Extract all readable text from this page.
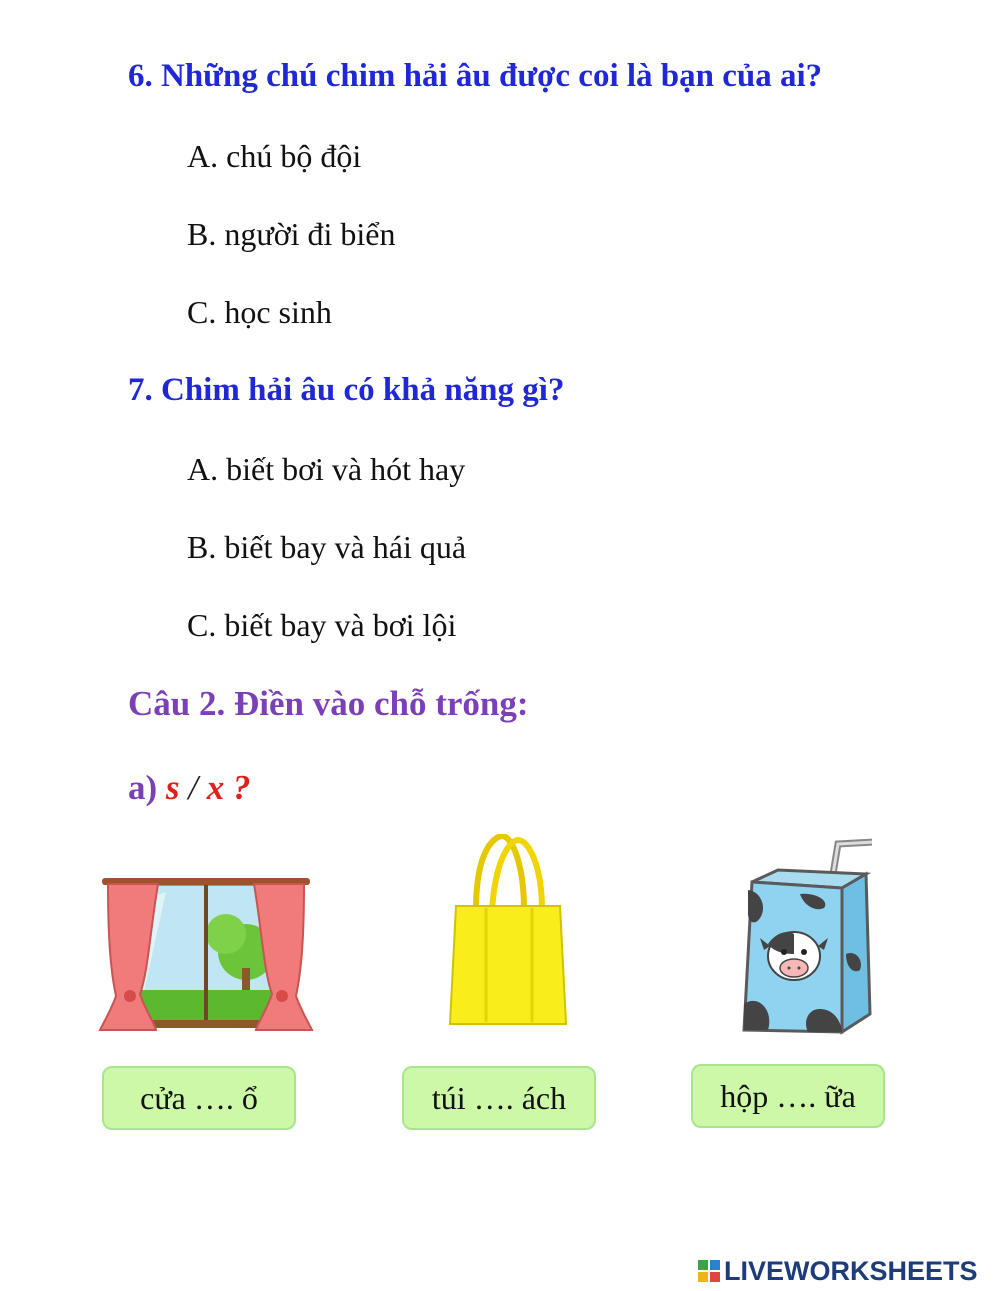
6. Những chú chim hải âu được coi là bạn của ai?

A. chú bộ đội

B. người đi biển

C. học sinh

7. Chim hải âu có khả năng gì?

A. biết bơi và hót hay

B. biết bay và hái quả

C. biết bay và bơi lội

Câu 2. Điền vào chỗ trống:

a) s / x ?

cửa …. ổ	túi …. ách	hộp …. ữa
LIVEWORKSHEETS
